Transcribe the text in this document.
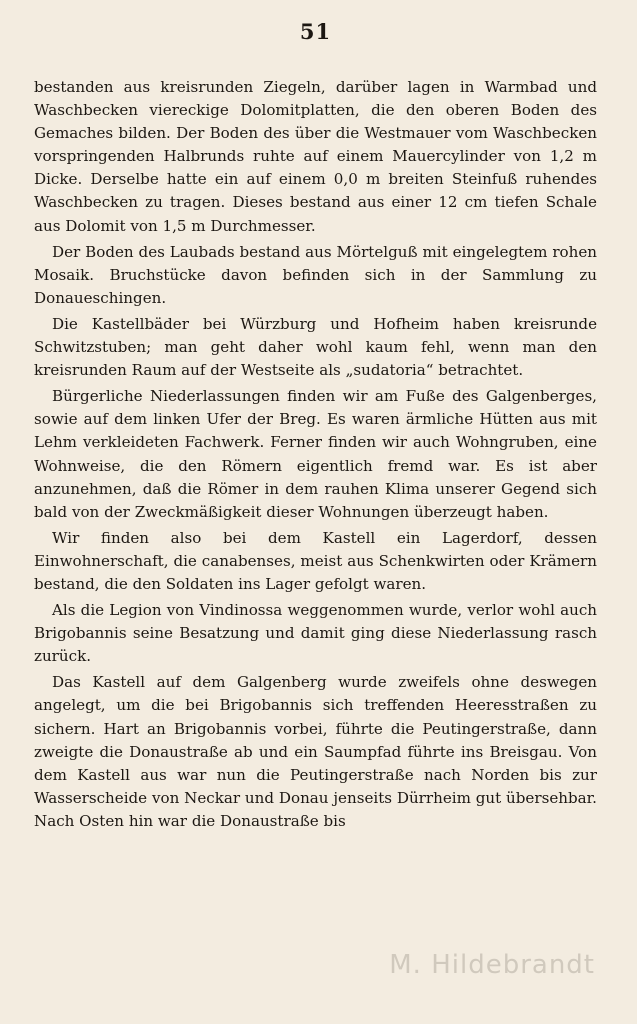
51

bestanden aus kreisrunden Ziegeln, darüber lagen in Warmbad und Waschbecken viereckige Dolomitplatten, die den oberen Boden des Gemaches bilden. Der Boden des über die Westmauer vom Waschbecken vorspringenden Halbrunds ruhte auf einem Mauercylinder von 1,2 m Dicke. Derselbe hatte ein auf einem 0,0 m breiten Steinfuß ruhendes Waschbecken zu tragen. Dieses bestand aus einer 12 cm tiefen Schale aus Dolomit von 1,5 m Durchmesser.

Der Boden des Laubads bestand aus Mörtelguß mit eingelegtem rohen Mosaik. Bruchstücke davon befinden sich in der Sammlung zu Donaueschingen.

Die Kastellbäder bei Würzburg und Hofheim haben kreisrunde Schwitzstuben; man geht daher wohl kaum fehl, wenn man den kreisrunden Raum auf der Westseite als „sudatoria“ betrachtet.

Bürgerliche Niederlassungen finden wir am Fuße des Galgenberges, sowie auf dem linken Ufer der Breg. Es waren ärmliche Hütten aus mit Lehm verkleideten Fachwerk. Ferner finden wir auch Wohngruben, eine Wohnweise, die den Römern eigentlich fremd war. Es ist aber anzunehmen, daß die Römer in dem rauhen Klima unserer Gegend sich bald von der Zweckmäßigkeit dieser Wohnungen überzeugt haben.

Wir finden also bei dem Kastell ein Lagerdorf, dessen Einwohnerschaft, die canabenses, meist aus Schenkwirten oder Krämern bestand, die den Soldaten ins Lager gefolgt waren.

Als die Legion von Vindinossa weggenommen wurde, verlor wohl auch Brigobannis seine Besatzung und damit ging diese Niederlassung rasch zurück.

Das Kastell auf dem Galgenberg wurde zweifels ohne deswegen angelegt, um die bei Brigobannis sich treffenden Heeresstraßen zu sichern. Hart an Brigobannis vorbei, führte die Peutingerstraße, dann zweigte die Donaustraße ab und ein Saumpfad führte ins Breisgau. Von dem Kastell aus war nun die Peutingerstraße nach Norden bis zur Wasserscheide von Neckar und Donau jenseits Dürrheim gut übersehbar. Nach Osten hin war die Donaustraße bis

M. Hildebrandt
